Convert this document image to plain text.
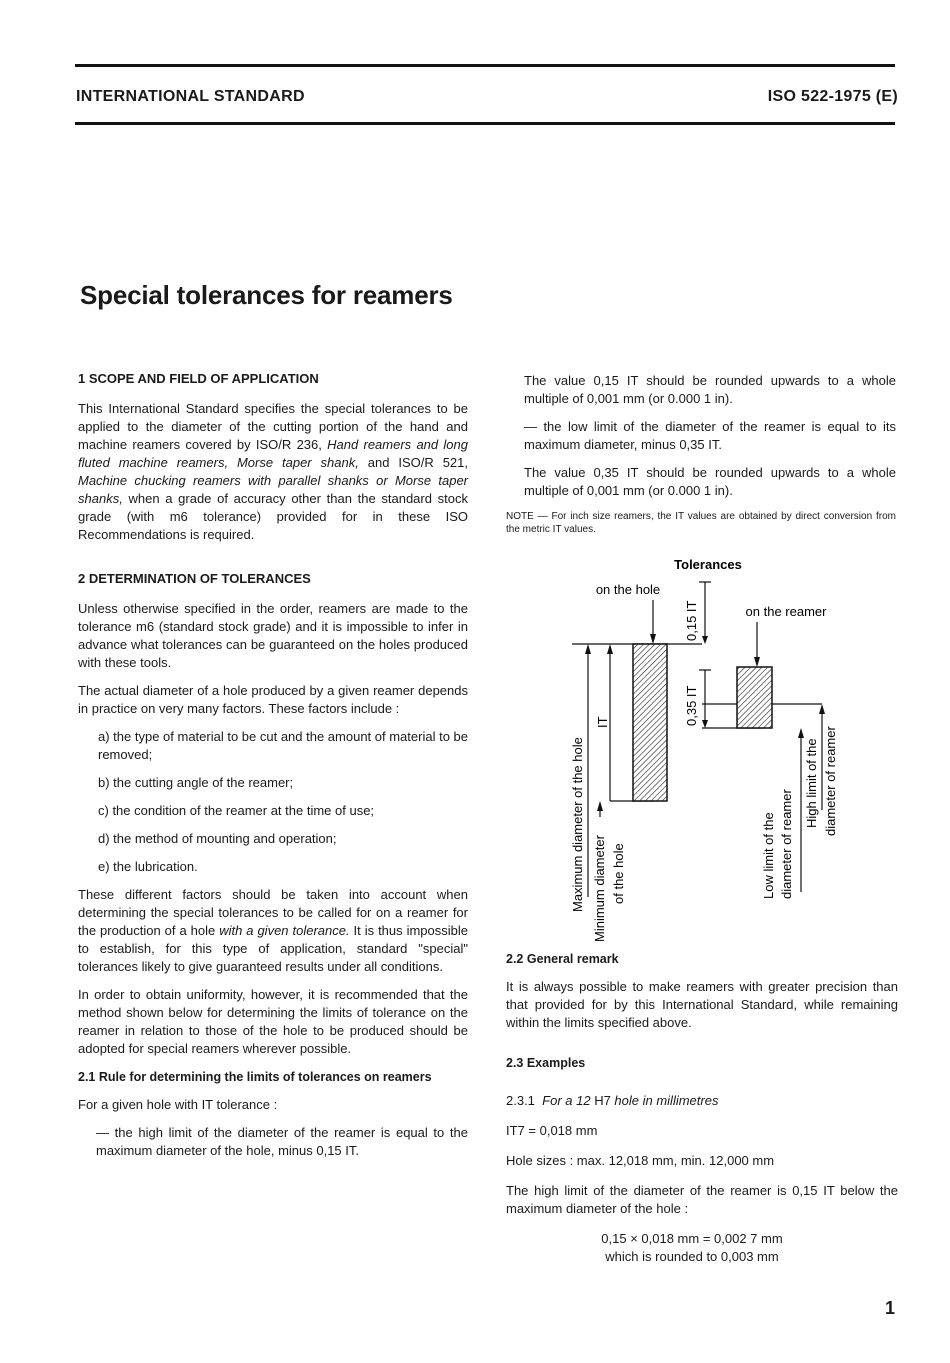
INTERNATIONAL STANDARD	ISO 522-1975 (E)
Special tolerances for reamers
1 SCOPE AND FIELD OF APPLICATION

This International Standard specifies the special tolerances to be applied to the diameter of the cutting portion of the hand and machine reamers covered by ISO/R 236, Hand reamers and long fluted machine reamers, Morse taper shank, and ISO/R 521, Machine chucking reamers with parallel shanks or Morse taper shanks, when a grade of accuracy other than the standard stock grade (with m6 tolerance) provided for in these ISO Recommendations is required.

2 DETERMINATION OF TOLERANCES

Unless otherwise specified in the order, reamers are made to the tolerance m6 (standard stock grade) and it is impossible to infer in advance what tolerances can be guaranteed on the holes produced with these tools.

The actual diameter of a hole produced by a given reamer depends in practice on very many factors. These factors include :

a) the type of material to be cut and the amount of material to be removed;
b) the cutting angle of the reamer;
c) the condition of the reamer at the time of use;
d) the method of mounting and operation;
e) the lubrication.

These different factors should be taken into account when determining the special tolerances to be called for on a reamer for the production of a hole with a given tolerance. It is thus impossible to establish, for this type of application, standard "special" tolerances likely to give guaranteed results under all conditions.

In order to obtain uniformity, however, it is recommended that the method shown below for determining the limits of tolerance on the reamer in relation to those of the hole to be produced should be adopted for special reamers wherever possible.

2.1 Rule for determining the limits of tolerances on reamers

For a given hole with IT tolerance :

— the high limit of the diameter of the reamer is equal to the maximum diameter of the hole, minus 0,15 IT.

The value 0,15 IT should be rounded upwards to a whole multiple of 0,001 mm (or 0.000 1 in).

— the low limit of the diameter of the reamer is equal to its maximum diameter, minus 0,35 IT.

The value 0,35 IT should be rounded upwards to a whole multiple of 0,001 mm (or 0.000 1 in).

NOTE — For inch size reamers, the IT values are obtained by direct conversion from the metric IT values.

Tolerances
on the hole
on the reamer
0,15 IT
0,35 IT
IT
Maximum diameter of the hole Minimum diameter of the hole	Low limit of the diameter of reamer
High limit of the diameter of reamer
2.2 General remark

It is always possible to make reamers with greater precision than that provided for by this International Standard, while remaining within the limits specified above.

2.3 Examples

2.3.1 For a 12 H7 hole in millimetres

IT7 = 0,018 mm

Hole sizes : max. 12,018 mm, min. 12,000 mm

The high limit of the diameter of the reamer is 0,15 IT below the maximum diameter of the hole :

0,15 × 0,018 mm = 0,002 7 mm
which is rounded to 0,003 mm
1
